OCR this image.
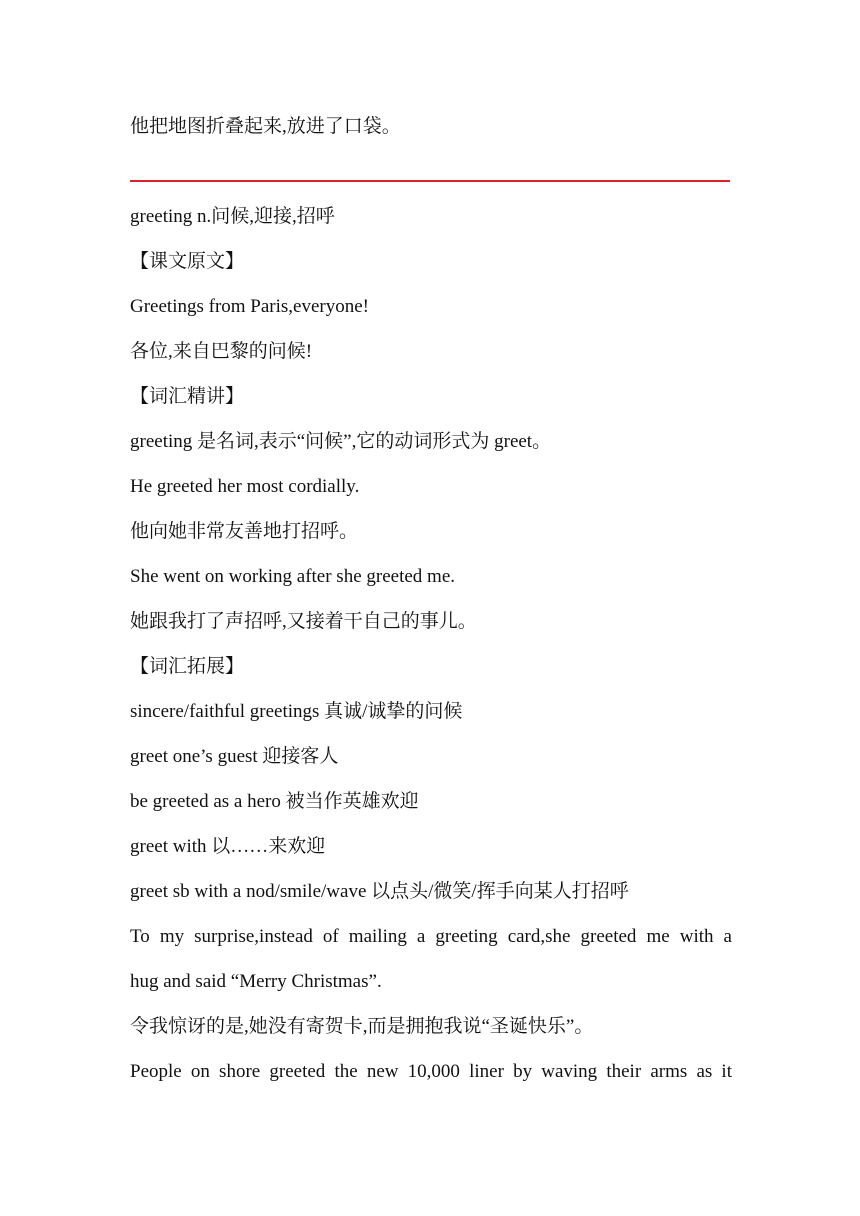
他把地图折叠起来,放进了口袋。
greeting n.问候,迎接,招呼
【课文原文】
Greetings from Paris,everyone!
各位,来自巴黎的问候!
【词汇精讲】
greeting 是名词,表示“问候”,它的动词形式为 greet。
He greeted her most cordially.
他向她非常友善地打招呼。
She went on working after she greeted me.
她跟我打了声招呼,又接着干自己的事儿。
【词汇拓展】
sincere/faithful greetings 真诚/诚挚的问候
greet one’s guest 迎接客人
be greeted as a hero 被当作英雄欢迎
greet with 以……来欢迎
greet sb with a nod/smile/wave 以点头/微笑/挥手向某人打招呼
To my surprise,instead of mailing a greeting card,she greeted me with a
hug and said “Merry Christmas”.
令我惊讶的是,她没有寄贺卡,而是拥抱我说“圣诞快乐”。
People on shore greeted the new 10,000 liner by waving their arms as it
